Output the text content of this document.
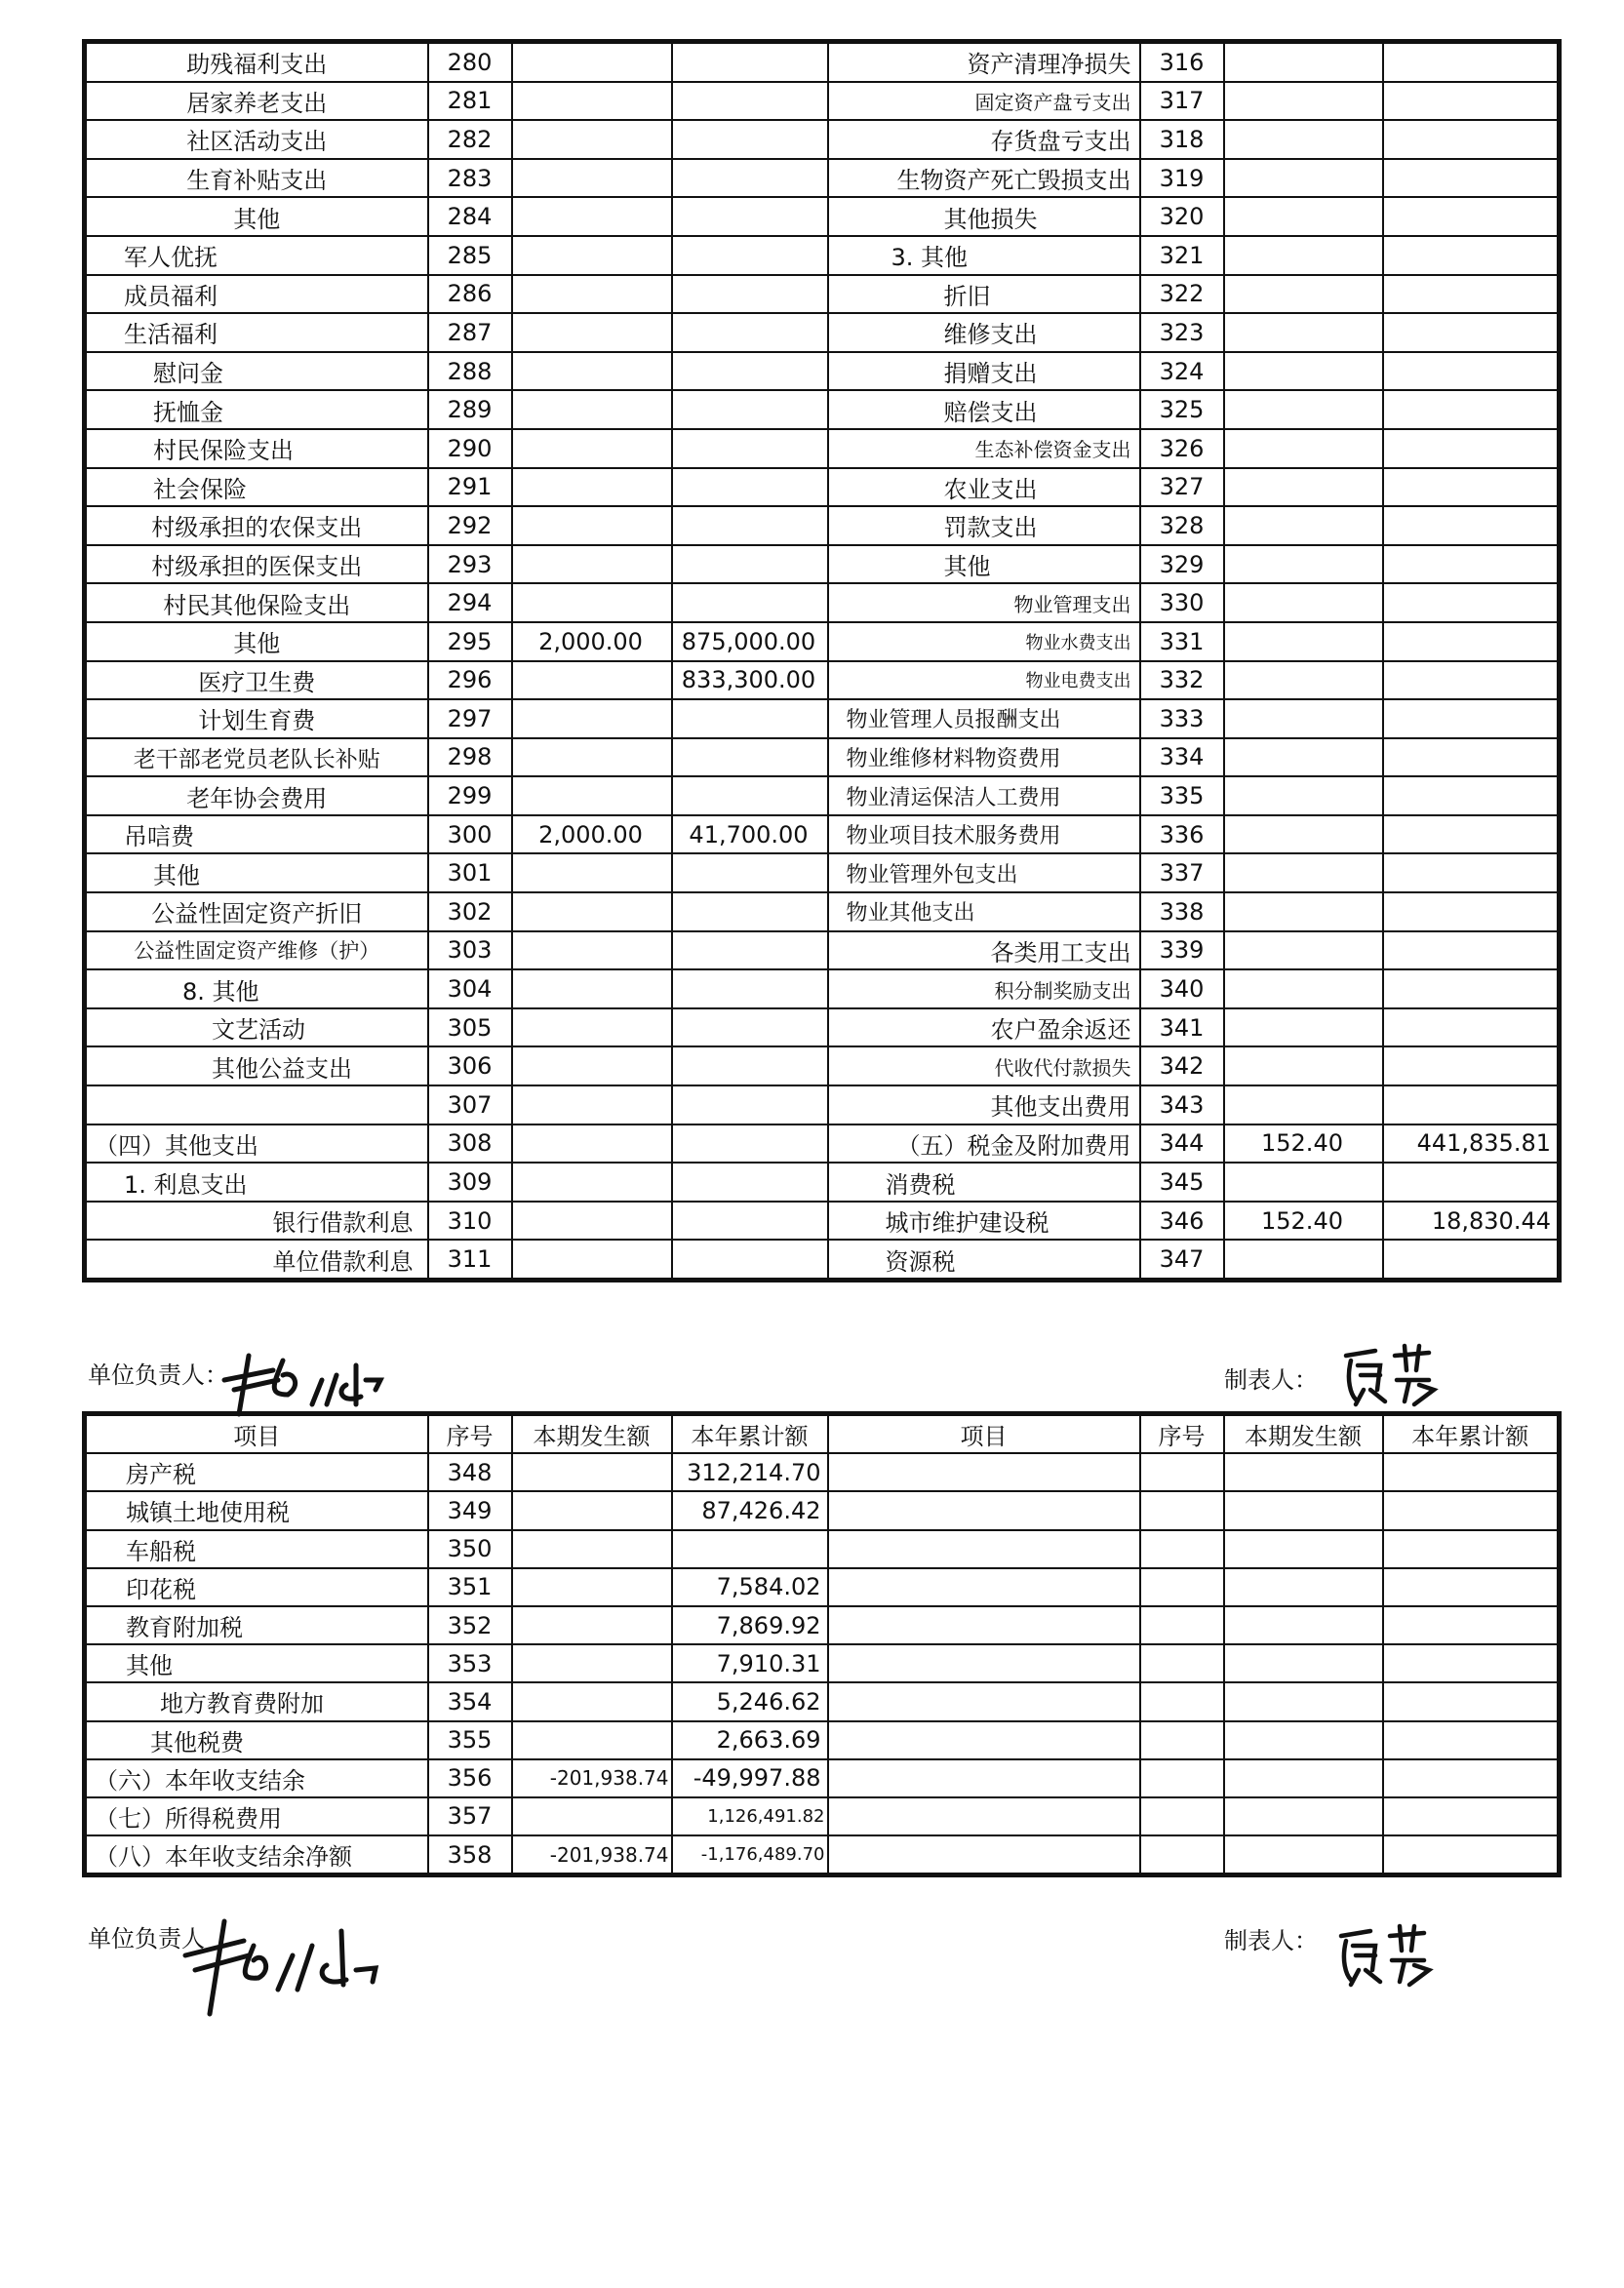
助残福利支出	280			资产清理净损失	316		
居家养老支出	281			固定资产盘亏支出	317		
社区活动支出	282			存货盘亏支出	318		
生育补贴支出	283			生物资产死亡毁损支出	319		
其他	284			其他损失	320		
军人优抚	285			3. 其他	321		
成员福利	286			折旧	322		
生活福利	287			维修支出	323		
慰问金	288			捐赠支出	324		
抚恤金	289			赔偿支出	325		
村民保险支出	290			生态补偿资金支出	326		
社会保险	291			农业支出	327		
村级承担的农保支出	292			罚款支出	328		
村级承担的医保支出	293			其他	329		
村民其他保险支出	294			物业管理支出	330		
其他	295	2,000.00	875,000.00	物业水费支出	331		
医疗卫生费	296		833,300.00	物业电费支出	332		
计划生育费	297			物业管理人员报酬支出	333		
老干部老党员老队长补贴	298			物业维修材料物资费用	334		
老年协会费用	299			物业清运保洁人工费用	335		
吊唁费	300	2,000.00	41,700.00	物业项目技术服务费用	336		
其他	301			物业管理外包支出	337		
公益性固定资产折旧	302			物业其他支出	338		
公益性固定资产维修（护）	303			各类用工支出	339		
8. 其他	304			积分制奖励支出	340		
文艺活动	305			农户盈余返还	341		
其他公益支出	306			代收代付款损失	342		
	307			其他支出费用	343		
（四）其他支出	308			（五）税金及附加费用	344	152.40	441,835.81
1. 利息支出	309			消费税	345		
银行借款利息	310			城市维护建设税	346	152.40	18,830.44
单位借款利息	311			资源税	347		
单位负责人：	制表人：
项目	序号	本期发生额	本年累计额	项目	序号	本期发生额	本年累计额
房产税	348		312,214.70				
城镇土地使用税	349		87,426.42				
车船税	350						
印花税	351		7,584.02				
教育附加税	352		7,869.92				
其他	353		7,910.31				
地方教育费附加	354		5,246.62				
其他税费	355		2,663.69				
（六）本年收支结余	356	-201,938.74	-49,997.88				
（七）所得税费用	357		1,126,491.82				
（八）本年收支结余净额	358	-201,938.74	-1,176,489.70				
单位负责人	制表人：
